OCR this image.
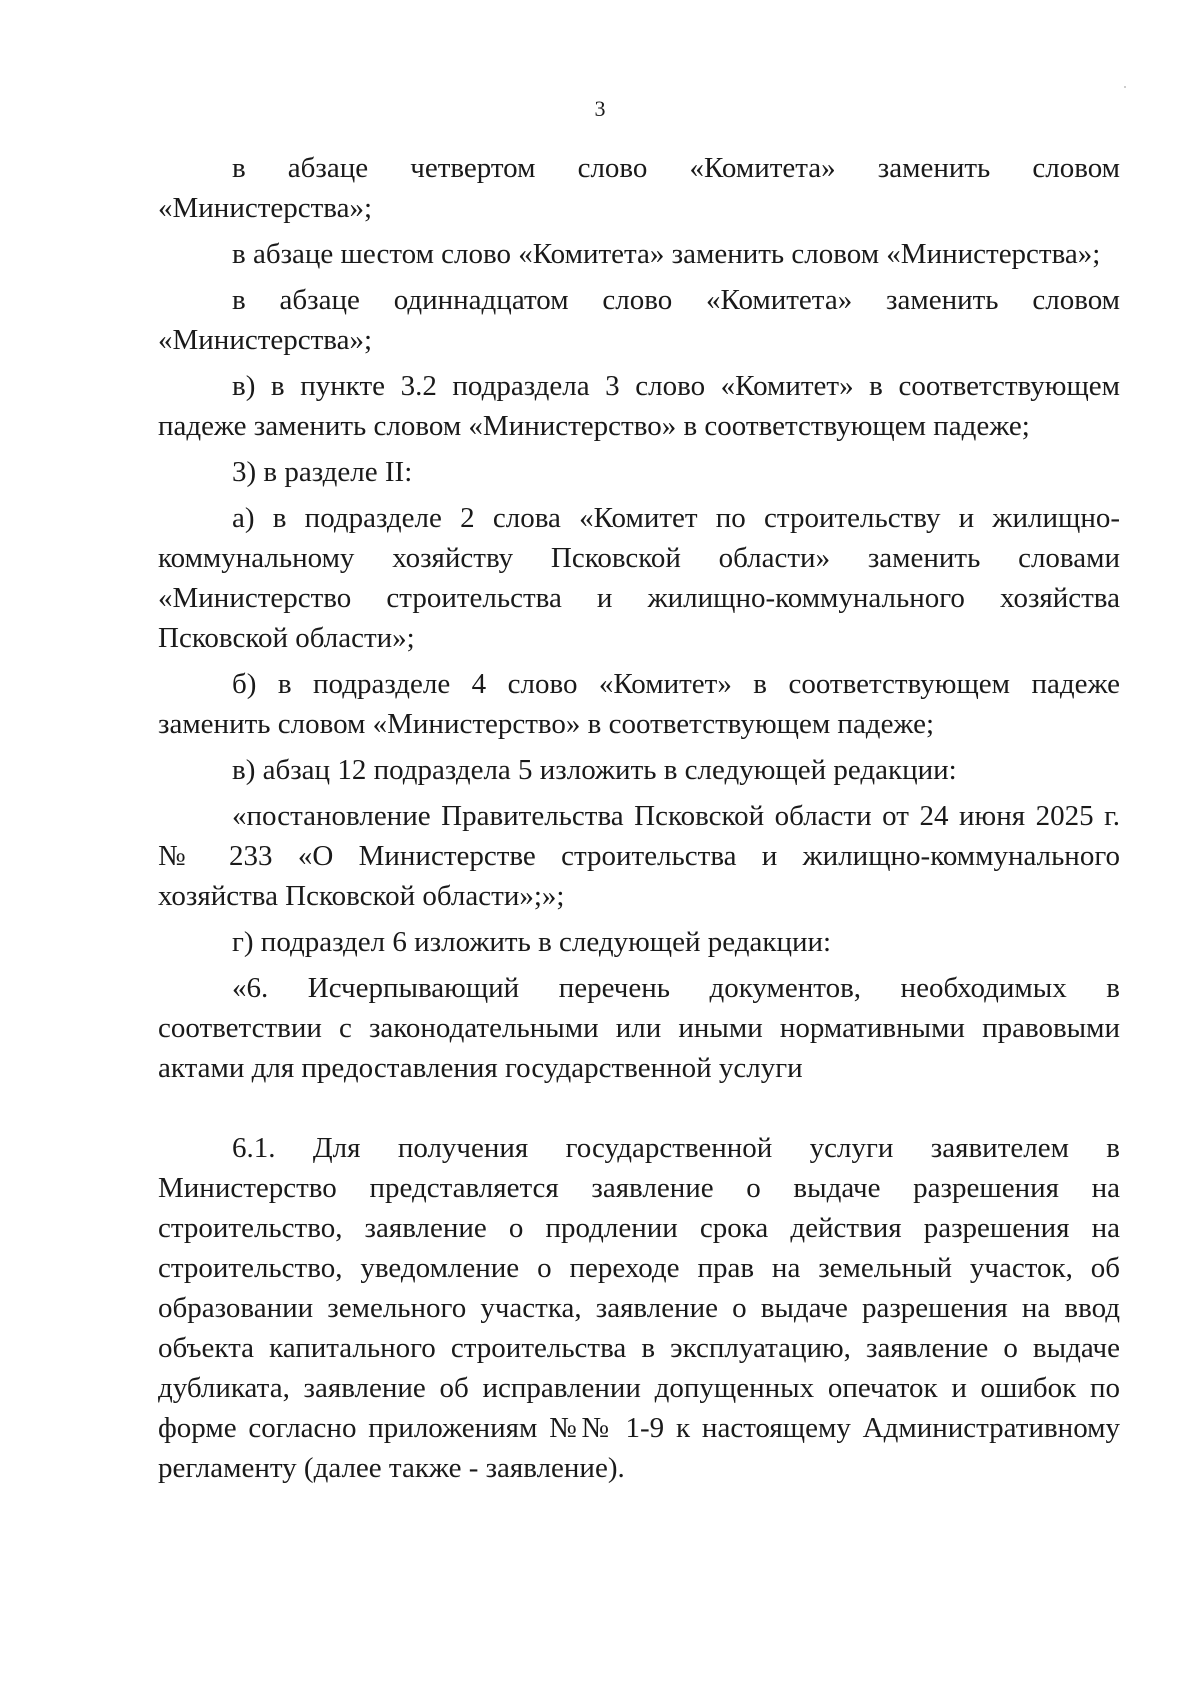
3

в абзаце четвертом слово «Комитета» заменить словом «Министерства»;

в абзаце шестом слово «Комитета» заменить словом «Министерства»;

в абзаце одиннадцатом слово «Комитета» заменить словом «Министерства»;

в) в пункте 3.2 подраздела 3 слово «Комитет» в соответствующем падеже заменить словом «Министерство» в соответствующем падеже;

3) в разделе II:

а) в подразделе 2 слова «Комитет по строительству и жилищно-коммунальному хозяйству Псковской области» заменить словами «Министерство строительства и жилищно-коммунального хозяйства Псковской области»;

б) в подразделе 4 слово «Комитет» в соответствующем падеже заменить словом «Министерство» в соответствующем падеже;

в) абзац 12 подраздела 5 изложить в следующей редакции:

«постановление Правительства Псковской области от 24 июня 2025 г. № 233 «О Министерстве строительства и жилищно-коммунального хозяйства Псковской области»;»;

г) подраздел 6 изложить в следующей редакции:

«6. Исчерпывающий перечень документов, необходимых в соответствии с законодательными или иными нормативными правовыми актами для предоставления государственной услуги

6.1. Для получения государственной услуги заявителем в Министерство представляется заявление о выдаче разрешения на строительство, заявление о продлении срока действия разрешения на строительство, уведомление о переходе прав на земельный участок, об образовании земельного участка, заявление о выдаче разрешения на ввод объекта капитального строительства в эксплуатацию, заявление о выдаче дубликата, заявление об исправлении допущенных опечаток и ошибок по форме согласно приложениям №№ 1-9 к настоящему Административному регламенту (далее также - заявление).
